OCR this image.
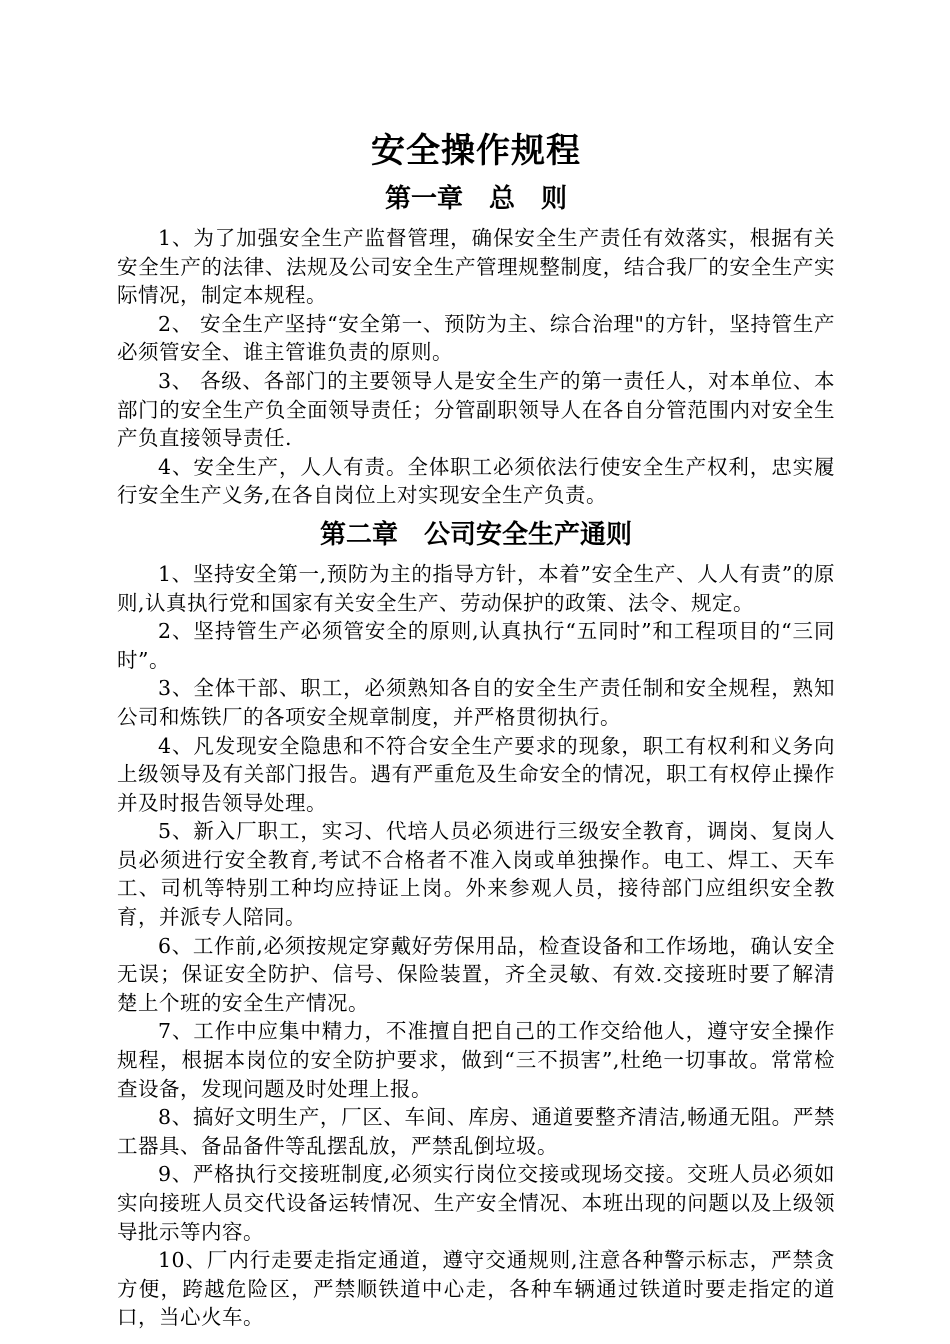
安全操作规程
第一章　总　则

1、为了加强安全生产监督管理，确保安全生产责任有效落实，根据有关安全生产的法律、法规及公司安全生产管理规整制度，结合我厂的安全生产实际情况，制定本规程。

2、 安全生产坚持“安全第一、预防为主、综合治理"的方针，坚持管生产必须管安全、谁主管谁负责的原则。

3、 各级、各部门的主要领导人是安全生产的第一责任人，对本单位、本部门的安全生产负全面领导责任；分管副职领导人在各自分管范围内对安全生产负直接领导责任.

4、安全生产，人人有责。全体职工必须依法行使安全生产权利，忠实履行安全生产义务,在各自岗位上对实现安全生产负责。

第二章　公司安全生产通则

1、坚持安全第一,预防为主的指导方针，本着”安全生产、人人有责”的原则,认真执行党和国家有关安全生产、劳动保护的政策、法令、规定。

2、坚持管生产必须管安全的原则,认真执行“五同时”和工程项目的“三同时”。

3、全体干部、职工，必须熟知各自的安全生产责任制和安全规程，熟知公司和炼铁厂的各项安全规章制度，并严格贯彻执行。

4、凡发现安全隐患和不符合安全生产要求的现象，职工有权利和义务向上级领导及有关部门报告。遇有严重危及生命安全的情况，职工有权停止操作并及时报告领导处理。

5、新入厂职工，实习、代培人员必须进行三级安全教育，调岗、复岗人员必须进行安全教育,考试不合格者不准入岗或单独操作。电工、焊工、天车工、司机等特别工种均应持证上岗。外来参观人员，接待部门应组织安全教育，并派专人陪同。

6、工作前,必须按规定穿戴好劳保用品，检查设备和工作场地，确认安全无误；保证安全防护、信号、保险装置，齐全灵敏、有效.交接班时要了解清楚上个班的安全生产情况。

7、工作中应集中精力，不准擅自把自己的工作交给他人，遵守安全操作规程，根据本岗位的安全防护要求，做到“三不损害”,杜绝一切事故。常常检查设备，发现问题及时处理上报。

8、搞好文明生产，厂区、车间、库房、通道要整齐清洁,畅通无阻。严禁工器具、备品备件等乱摆乱放，严禁乱倒垃圾。

9、严格执行交接班制度,必须实行岗位交接或现场交接。交班人员必须如实向接班人员交代设备运转情况、生产安全情况、本班出现的问题以及上级领导批示等内容。

10、厂内行走要走指定通道，遵守交通规则,注意各种警示标志，严禁贪方便，跨越危险区，严禁顺铁道中心走，各种车辆通过铁道时要走指定的道口，当心火车。
